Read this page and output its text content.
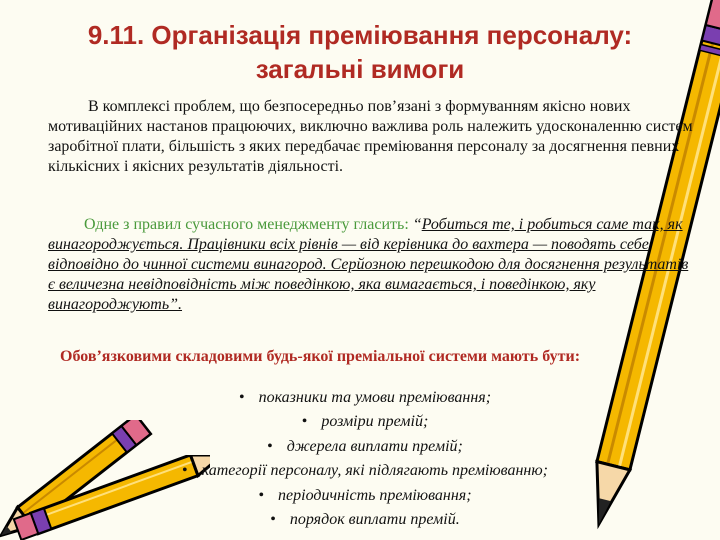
9.11. Організація преміювання персоналу:
загальні вимоги
В комплексі проблем, що безпосередньо пов’язані з формуванням якісно нових мотиваційних настанов працюючих, виключно важлива роль належить удосконаленню систем заробітної плати, більшість з яких передбачає преміювання персоналу за досягнення певних кількісних і якісних результатів діяльності.
Одне з правил сучасного менеджменту гласить: “Робиться те, і робиться саме так, як винагороджується. Працівники всіх рівнів — від керівника до вахтера — поводять себе відповідно до чинної системи винагород. Серйозною перешкодою для досягнення результатів є величезна невідповідність між поведінкою, яка вимагається, і поведінкою, яку винагороджують”.
Обов’язковими складовими будь-якої преміальної системи мають бути:
• показники та умови преміювання;
• розміри премій;
• джерела виплати премій;
• категорії персоналу, які підлягають преміюванню;
• періодичність преміювання;
• порядок виплати премій.
